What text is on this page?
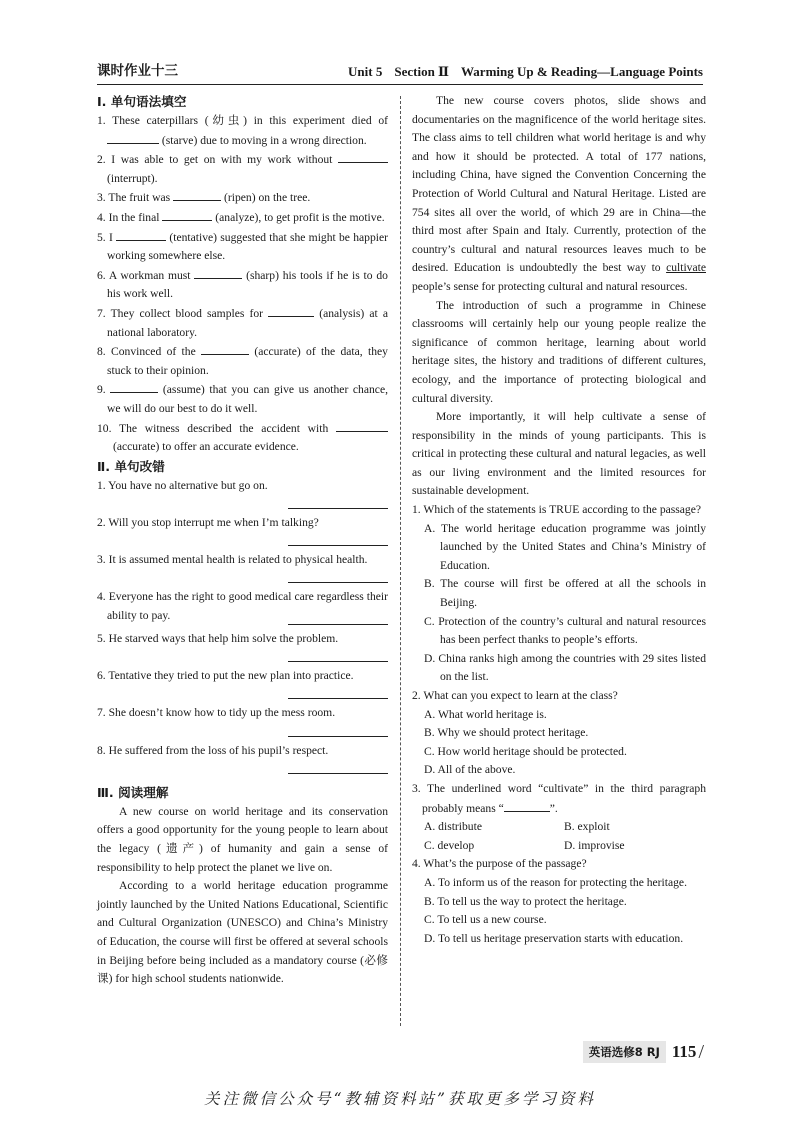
课时作业十三	Unit 5 Section Ⅱ Warming Up & Reading—Language Points
Ⅰ. 单句语法填空
1. These caterpillars (幼虫) in this experiment died of  (starve) due to moving in a wrong direction.
2. I was able to get on with my work without  (interrupt).
3. The fruit was	(ripen) on the tree.
4. In the final	(analyze), to get profit is the motive.
5. I	(tentative) suggested that she might be happier working somewhere else.
6. A workman must	(sharp) his tools if he is to do his work well.
7. They collect blood samples for	(analysis) at a national laboratory.
8. Convinced of the	(accurate) of the data, they stuck to their opinion.
9.	(assume) that you can give us another chance, we will do our best to do it well.
10. The witness described the accident with  (accurate) to offer an accurate evidence.
Ⅱ. 单句改错
1. You have no alternative but go on.
2. Will you stop interrupt me when I’m talking?
3. It is assumed mental health is related to physical health.
4. Everyone has the right to good medical care regardless their ability to pay.
5. He starved ways that help him solve the problem.
6. Tentative they tried to put the new plan into practice.
7. She doesn’t know how to tidy up the mess room.
8. He suffered from the loss of his pupil’s respect.
Ⅲ. 阅读理解

A new course on world heritage and its conservation offers a good opportunity for the young people to learn about the legacy (遗产) of humanity and gain a sense of responsibility to help protect the planet we live on.

According to a world heritage education programme jointly launched by the United Nations Educational, Scientific and Cultural Organization (UNESCO) and China’s Ministry of Education, the course will first be offered at several schools in Beijing before being included as a mandatory course (必修课) for high school students nationwide.

The new course covers photos, slide shows and documentaries on the magnificence of the world heritage sites. The class aims to tell children what world heritage is and why and how it should be protected. A total of 177 nations, including China, have signed the Convention Concerning the Protection of World Cultural and Natural Heritage. Listed are 754 sites all over the world, of which 29 are in China—the third most after Spain and Italy. Currently, protection of the country’s cultural and natural resources leaves much to be desired. Education is undoubtedly the best way to cultivate people’s sense for protecting cultural and natural resources.

The introduction of such a programme in Chinese classrooms will certainly help our young people realize the significance of common heritage, learning about world heritage sites, the history and traditions of different cultures, ecology, and the importance of protecting biological and cultural diversity.

More importantly, it will help cultivate a sense of responsibility in the minds of young participants. This is critical in protecting these cultural and natural legacies, as well as our living environment and the limited resources for sustainable development.

1. Which of the statements is TRUE according to the passage?
A. The world heritage education programme was jointly launched by the United States and China’s Ministry of Education.
B. The course will first be offered at all the schools in Beijing.
C. Protection of the country’s cultural and natural resources has been perfect thanks to people’s efforts.
D. China ranks high among the countries with 29 sites listed on the list.
2. What can you expect to learn at the class?
A. What world heritage is.
B. Why we should protect heritage.
C. How world heritage should be protected.
D. All of the above.
3. The underlined word “cultivate” in the third paragraph probably means “	”.
A. distribute	B. exploit
C. develop	D. improvise
4. What’s the purpose of the passage?
A. To inform us of the reason for protecting the heritage.
B. To tell us the way to protect the heritage.
C. To tell us a new course.
D. To tell us heritage preservation starts with education.
英语选修8 RJ 115 /
关注微信公众号“教辅资料站”获取更多学习资料
